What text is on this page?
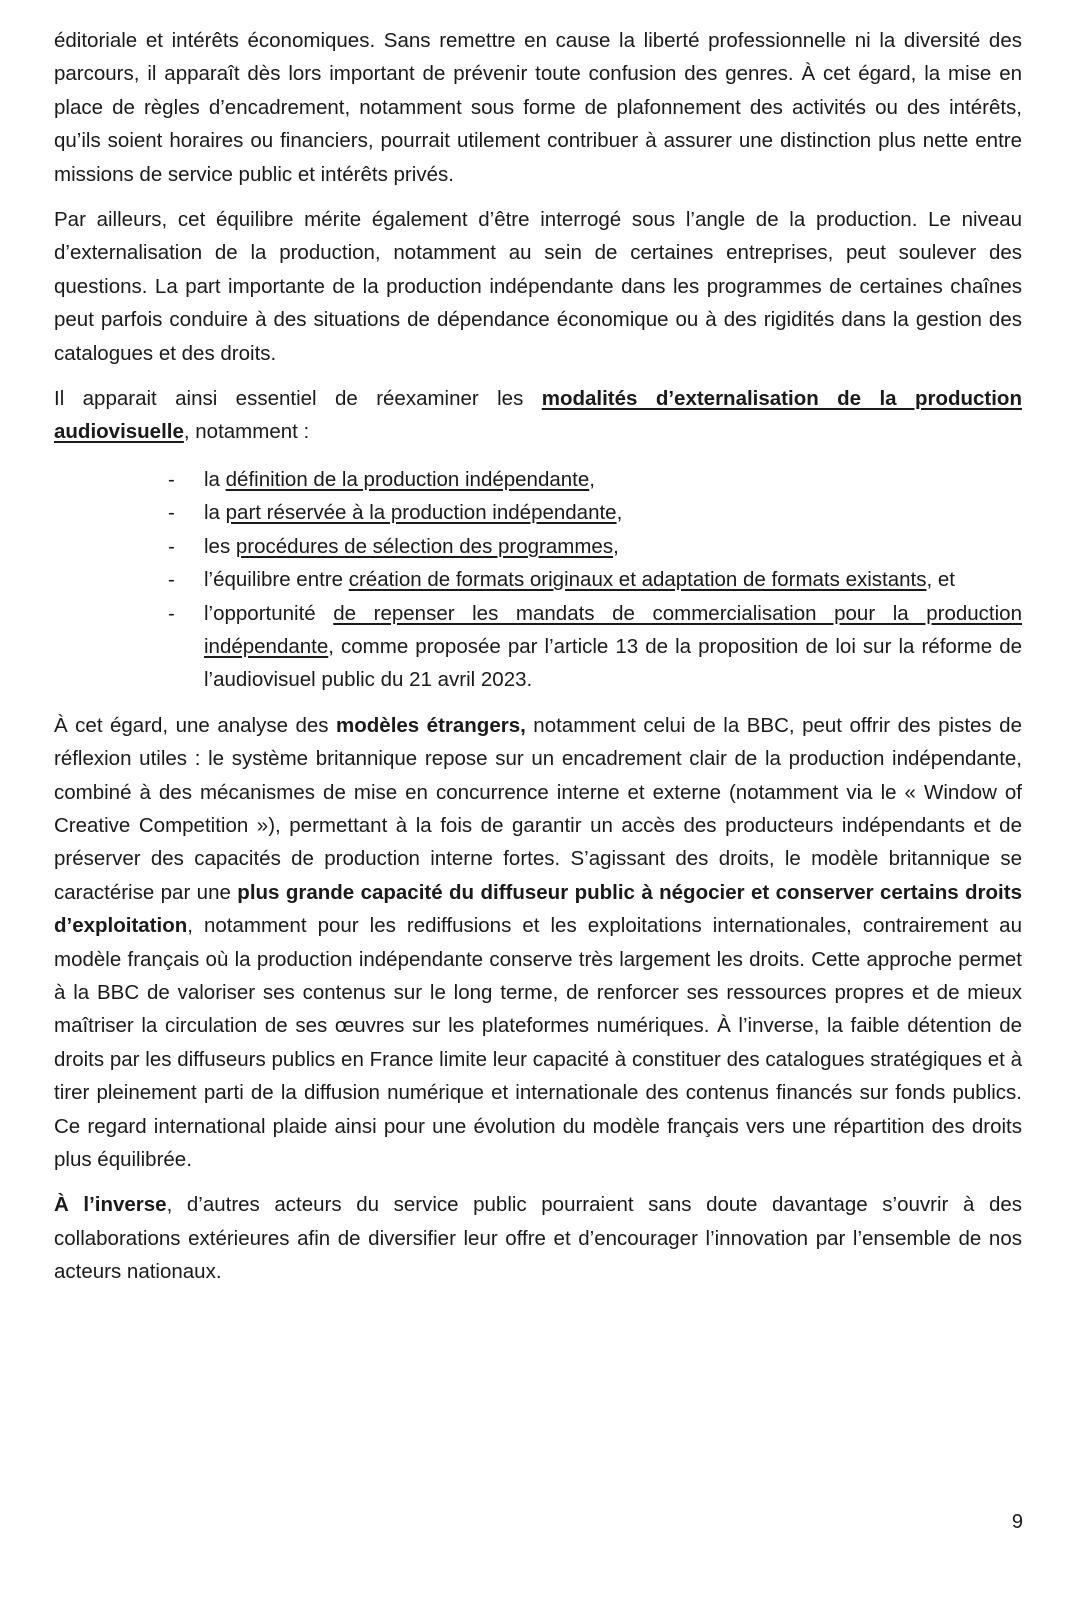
éditoriale et intérêts économiques. Sans remettre en cause la liberté professionnelle ni la diversité des parcours, il apparaît dès lors important de prévenir toute confusion des genres. À cet égard, la mise en place de règles d’encadrement, notamment sous forme de plafonnement des activités ou des intérêts, qu’ils soient horaires ou financiers, pourrait utilement contribuer à assurer une distinction plus nette entre missions de service public et intérêts privés.

Par ailleurs, cet équilibre mérite également d’être interrogé sous l’angle de la production. Le niveau d’externalisation de la production, notamment au sein de certaines entreprises, peut soulever des questions. La part importante de la production indépendante dans les programmes de certaines chaînes peut parfois conduire à des situations de dépendance économique ou à des rigidités dans la gestion des catalogues et des droits.

Il apparait ainsi essentiel de réexaminer les modalités d’externalisation de la production audiovisuelle, notamment :

- la définition de la production indépendante,
- la part réservée à la production indépendante,
- les procédures de sélection des programmes,
- l’équilibre entre création de formats originaux et adaptation de formats existants, et
- l’opportunité de repenser les mandats de commercialisation pour la production indépendante, comme proposée par l’article 13 de la proposition de loi sur la réforme de l’audiovisuel public du 21 avril 2023.

À cet égard, une analyse des modèles étrangers, notamment celui de la BBC, peut offrir des pistes de réflexion utiles : le système britannique repose sur un encadrement clair de la production indépendante, combiné à des mécanismes de mise en concurrence interne et externe (notamment via le « Window of Creative Competition »), permettant à la fois de garantir un accès des producteurs indépendants et de préserver des capacités de production interne fortes. S’agissant des droits, le modèle britannique se caractérise par une plus grande capacité du diffuseur public à négocier et conserver certains droits d’exploitation, notamment pour les rediffusions et les exploitations internationales, contrairement au modèle français où la production indépendante conserve très largement les droits. Cette approche permet à la BBC de valoriser ses contenus sur le long terme, de renforcer ses ressources propres et de mieux maîtriser la circulation de ses œuvres sur les plateformes numériques. À l’inverse, la faible détention de droits par les diffuseurs publics en France limite leur capacité à constituer des catalogues stratégiques et à tirer pleinement parti de la diffusion numérique et internationale des contenus financés sur fonds publics. Ce regard international plaide ainsi pour une évolution du modèle français vers une répartition des droits plus équilibrée.

À l’inverse, d’autres acteurs du service public pourraient sans doute davantage s’ouvrir à des collaborations extérieures afin de diversifier leur offre et d’encourager l’innovation par l’ensemble de nos acteurs nationaux.

9
